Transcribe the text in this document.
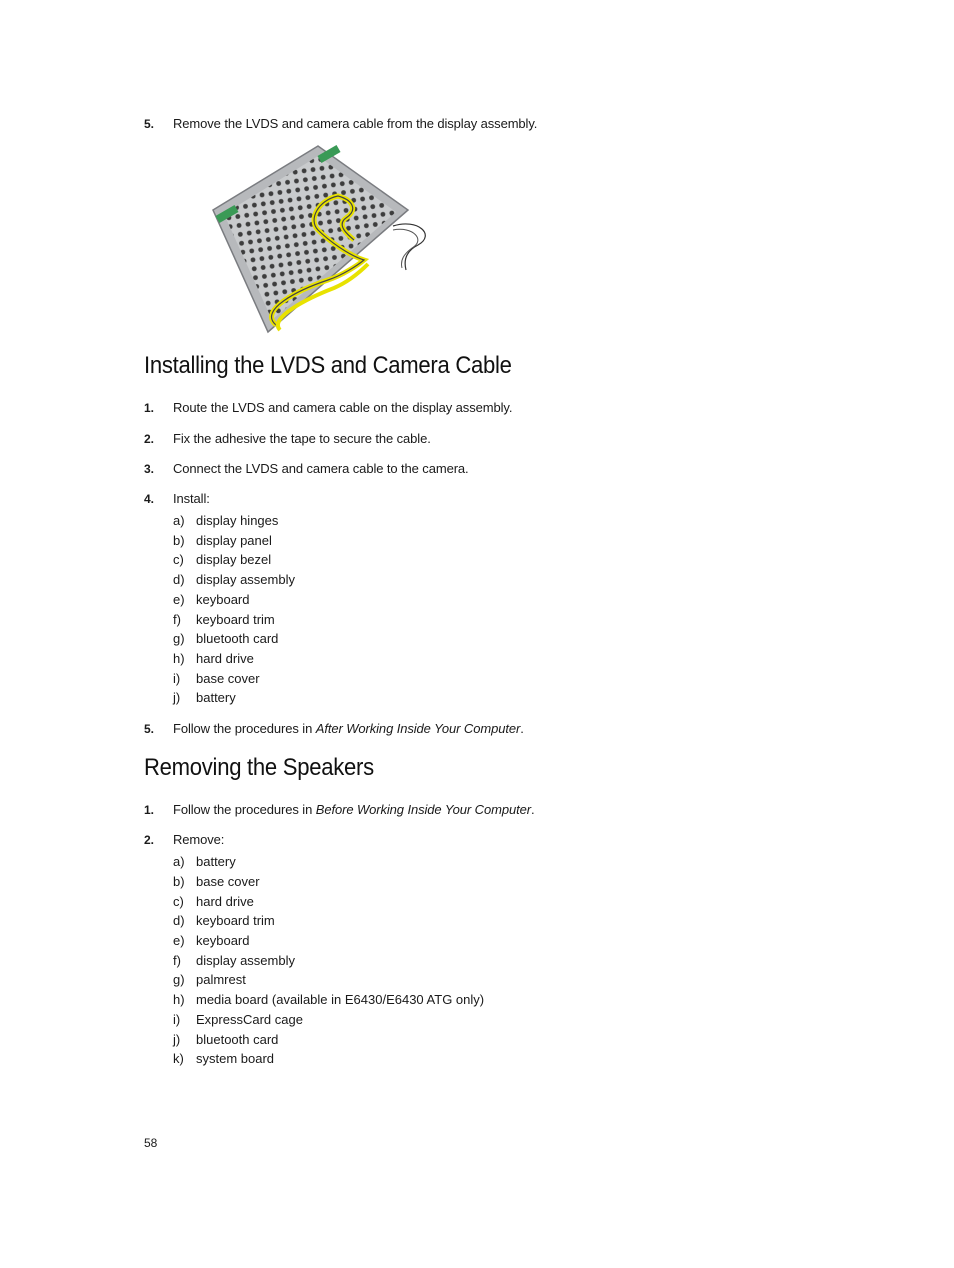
5. Remove the LVDS and camera cable from the display assembly.
Installing the LVDS and Camera Cable
1. Route the LVDS and camera cable on the display assembly.
2. Fix the adhesive the tape to secure the cable.
3. Connect the LVDS and camera cable to the camera.
4. Install:
a) display hinges
b) display panel
c) display bezel
d) display assembly
e) keyboard
f) keyboard trim
g) bluetooth card
h) hard drive
i) base cover
j) battery
5. Follow the procedures in After Working Inside Your Computer.
Removing the Speakers
1. Follow the procedures in Before Working Inside Your Computer.
2. Remove:
a) battery
b) base cover
c) hard drive
d) keyboard trim
e) keyboard
f) display assembly
g) palmrest
h) media board (available in E6430/E6430 ATG only)
i) ExpressCard cage
j) bluetooth card
k) system board
58
